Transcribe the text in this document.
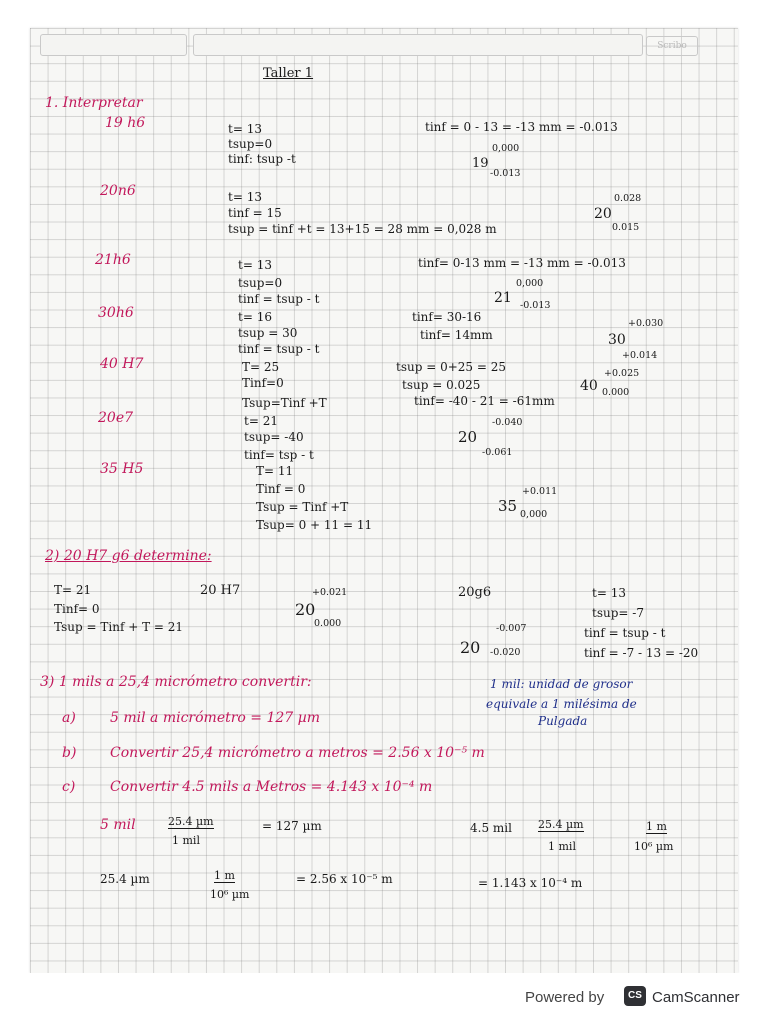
Scribo
Taller 1
1. Interpretar
19 h6	t= 13
tsup=0
tinf: tsup -t
tinf = 0 - 13 = -13 mm = -0.013
19
0,000
-0.013
20n6	t= 13
tinf = 15
tsup = tinf +t = 13+15 = 28 mm = 0,028 m
20
0.028
0.015
21h6	t= 13
tsup=0
tinf = tsup - t
tinf= 0-13 mm = -13 mm = -0.013
21
0,000
-0.013
30h6	t= 16
tsup = 30
tinf = tsup - t
tinf= 30-16
tinf= 14mm	30
+0.030
+0.014
40 H7	T= 25
Tinf=0
Tsup=Tinf +T
tsup = 0+25 = 25
tsup = 0.025	40
+0.025
0.000
20e7	t= 21
tsup= -40
tinf= tsp - t
tinf= -40 - 21 = -61mm
20
-0.040
-0.061
35 H5	T= 11
Tinf = 0
Tsup = Tinf +T
Tsup= 0 + 11 = 11
35
+0.011
0,000
2) 20 H7 g6 determine:
T= 21
Tinf= 0
Tsup = Tinf + T = 21
20 H7
20
+0.021
0.000
20g6
20
-0.007
-0.020
t= 13
tsup= -7
tinf = tsup - t
tinf = -7 - 13 = -20
3) 1 mils a 25,4 micrómetro convertir:	1 mil: unidad de grosor
equivale a 1 milésima de
Pulgada
a) 5 mil a micrómetro = 127 µm
b) Convertir 25,4 micrómetro a metros = 2.56 x 10⁻⁵ m
c) Convertir 4.5 mils a Metros = 4.143 x 10⁻⁴ m
5 mil	25.4 µm
1 mil
= 127 µm	4.5 mil 25.4 µm
1 mil
1 m
10⁶ µm
25.4 µm	1 m
10⁶ µm
= 2.56 x 10⁻⁵ m	= 1.143 x 10⁻⁴ m
Powered by	CS CamScanner
